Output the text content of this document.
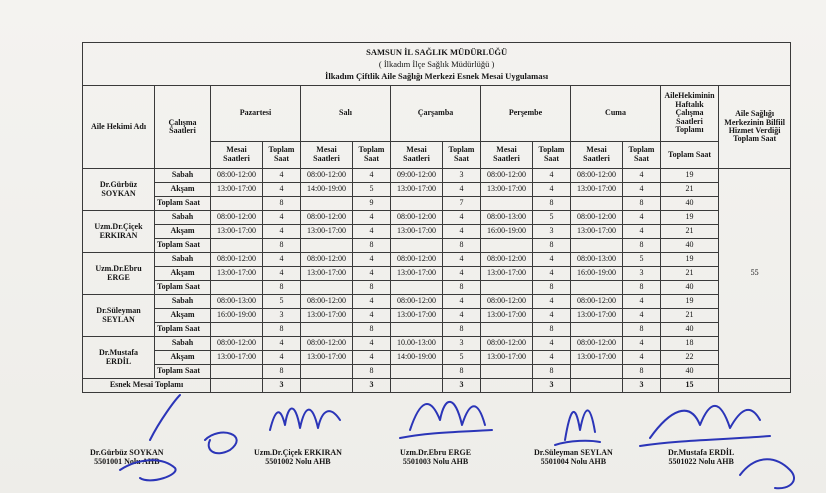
SAMSUN İL SAĞLIK MÜDÜRLÜĞÜ
( İlkadım İlçe Sağlık Müdürlüğü )
İlkadım Çiftlik Aile Sağlığı Merkezi Esnek Mesai Uygulaması													

Aile Hekimi Adı	Çalışma Saatleri	Pazartesi		Salı		Çarşamba		Perşembe		Cuma		AileHekiminin Haftalık Çalışma Saatleri Toplamı	Aile Sağlığı Merkezinin Bilfiil Hizmet Verdiği Toplam Saat
		Mesai Saatleri	Toplam Saat	Mesai Saatleri	Toplam Saat	Mesai Saatleri	Toplam Saat	Mesai Saatleri	Toplam Saat	Mesai Saatleri	Toplam Saat	Toplam Saat	

Dr.Gürbüz
SOYKAN	Sabah	08:00-12:00	4	08:00-12:00	4	09:00-12:00	3	08:00-12:00	4	08:00-12:00	4	19	55
	Akşam	13:00-17:00	4	14:00-19:00	5	13:00-17:00	4	13:00-17:00	4	13:00-17:00	4	21	
	Toplam Saat		8		9		7		8		8	40	

Uzm.Dr.Çiçek
ERKIRAN	Sabah	08:00-12:00	4	08:00-12:00	4	08:00-12:00	4	08:00-13:00	5	08:00-12:00	4	19	
	Akşam	13:00-17:00	4	13:00-17:00	4	13:00-17:00	4	16:00-19:00	3	13:00-17:00	4	21	
	Toplam Saat		8		8		8		8		8	40	

Uzm.Dr.Ebru
ERGE	Sabah	08:00-12:00	4	08:00-12:00	4	08:00-12:00	4	08:00-12:00	4	08:00-13:00	5	19	
	Akşam	13:00-17:00	4	13:00-17:00	4	13:00-17:00	4	13:00-17:00	4	16:00-19:00	3	21	
	Toplam Saat		8		8		8		8		8	40	

Dr.Süleyman
SEYLAN	Sabah	08:00-13:00	5	08:00-12:00	4	08:00-12:00	4	08:00-12:00	4	08:00-12:00	4	19	
	Akşam	16:00-19:00	3	13:00-17:00	4	13:00-17:00	4	13:00-17:00	4	13:00-17:00	4	21	
	Toplam Saat		8		8		8		8		8	40	

Dr.Mustafa
ERDİL	Sabah	08:00-12:00	4	08:00-12:00	4	10.00-13:00	3	08:00-12:00	4	08:00-12:00	4	18	
	Akşam	13:00-17:00	4	13:00-17:00	4	14:00-19:00	5	13:00-17:00	4	13:00-17:00	4	22	
	Toplam Saat		8		8		8		8		8	40	
Esnek Mesai Toplamı			3		3		3		3		3	15	
Dr.Gürbüz SOYKAN
5501001 Nolu AHB
Uzm.Dr.Çiçek ERKIRAN
5501002 Nolu AHB
Uzm.Dr.Ebru ERGE
5501003 Nolu AHB
Dr.Süleyman SEYLAN
5501004 Nolu AHB
Dr.Mustafa ERDİL
5501022 Nolu AHB
